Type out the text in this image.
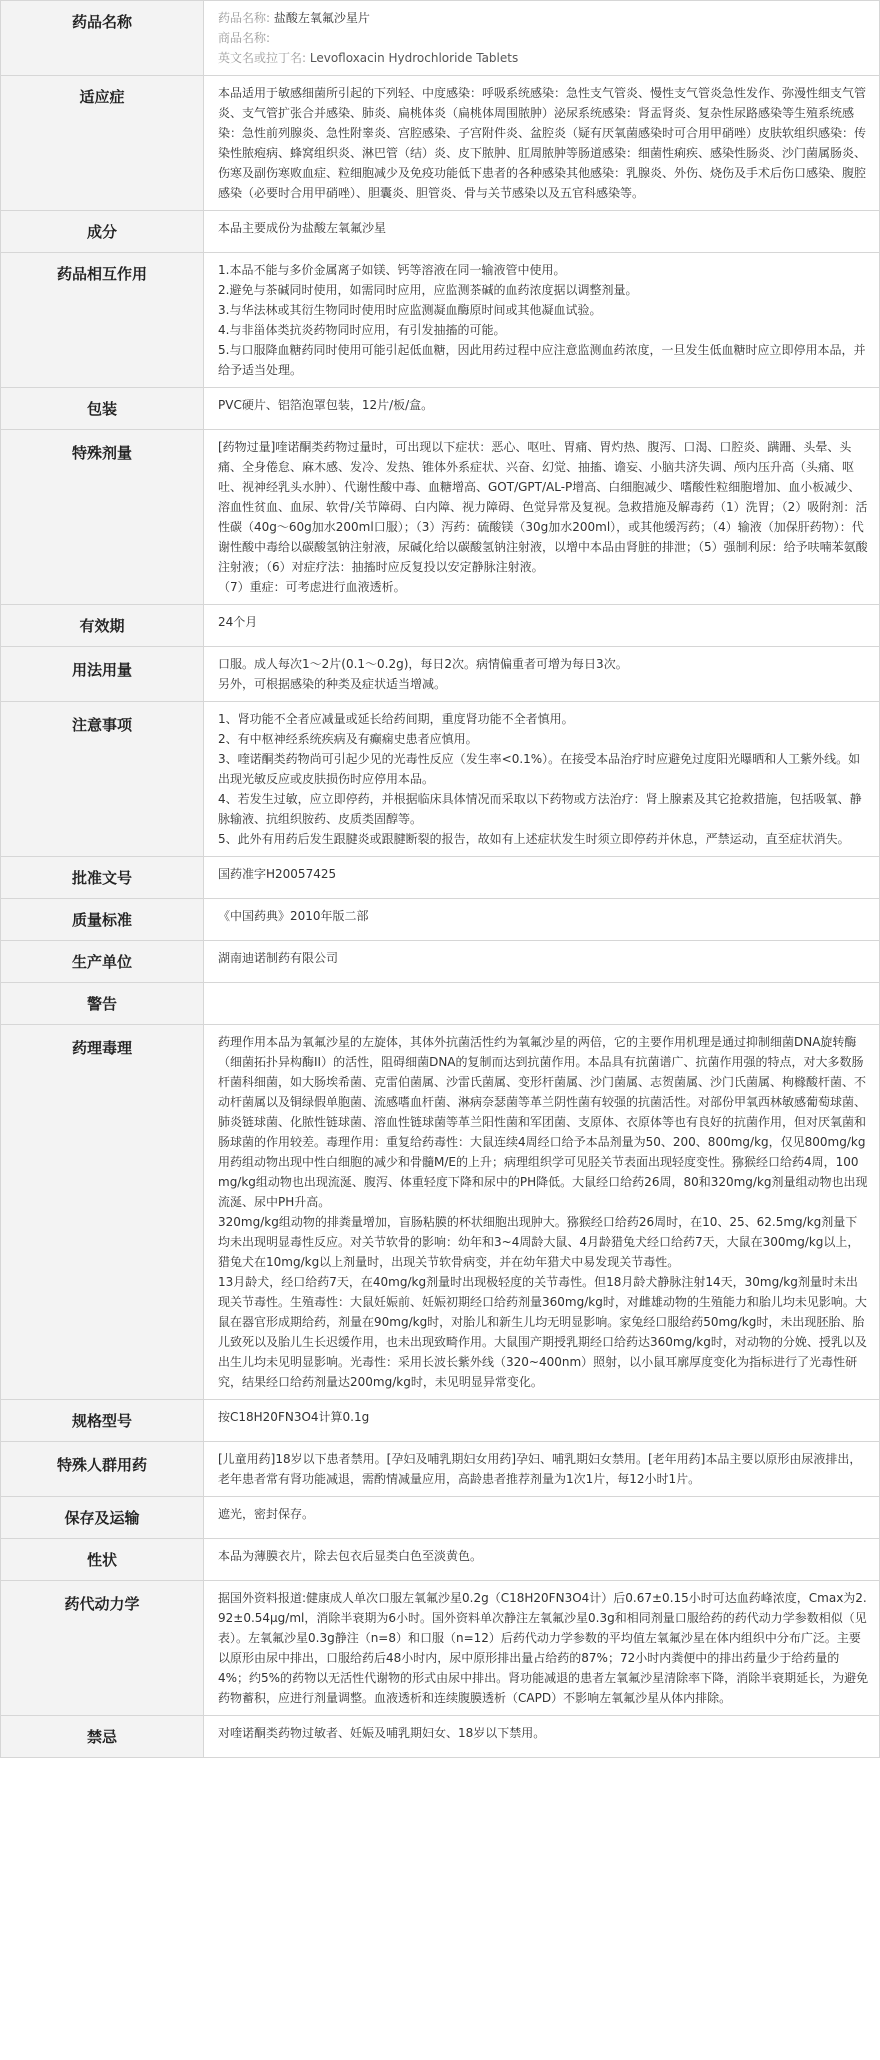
药品名称	药品名称: 盐酸左氧氟沙星片
商品名称:
英文名或拉丁名: Levofloxacin Hydrochloride Tablets

适应症	本品适用于敏感细菌所引起的下列轻、中度感染：呼吸系统感染：急性支气管炎、慢性支气管炎急性发作、弥漫性细支气管炎、支气管扩张合并感染、肺炎、扁桃体炎（扁桃体周围脓肿）泌尿系统感染：肾盂肾炎、复杂性尿路感染等生殖系统感染：急性前列腺炎、急性附睾炎、宫腔感染、子宫附件炎、盆腔炎（疑有厌氧菌感染时可合用甲硝唑）皮肤软组织感染：传染性脓疱病、蜂窝组织炎、淋巴管（结）炎、皮下脓肿、肛周脓肿等肠道感染：细菌性痢疾、感染性肠炎、沙门菌属肠炎、伤寒及副伤寒败血症、粒细胞减少及免疫功能低下患者的各种感染其他感染：乳腺炎、外伤、烧伤及手术后伤口感染、腹腔感染（必要时合用甲硝唑）、胆囊炎、胆管炎、骨与关节感染以及五官科感染等。
成分	本品主要成份为盐酸左氧氟沙星
药品相互作用	1.本品不能与多价金属离子如镁、钙等溶液在同一输液管中使用。
2.避免与茶碱同时使用，如需同时应用，应监测茶碱的血药浓度据以调整剂量。
3.与华法林或其衍生物同时使用时应监测凝血酶原时间或其他凝血试验。
4.与非甾体类抗炎药物同时应用，有引发抽搐的可能。
5.与口服降血糖药同时使用可能引起低血糖，因此用药过程中应注意监测血药浓度，一旦发生低血糖时应立即停用本品，并给予适当处理。

包装	PVC硬片、铝箔泡罩包装，12片/板/盒。
特殊剂量	[药物过量]喹诺酮类药物过量时，可出现以下症状：恶心、呕吐、胃痛、胃灼热、腹泻、口渴、口腔炎、蹒跚、头晕、头痛、全身倦怠、麻木感、发冷、发热、锥体外系症状、兴奋、幻觉、抽搐、谵妄、小脑共济失调、颅内压升高（头痛、呕吐、视神经乳头水肿）、代谢性酸中毒、血糖增高、GOT/GPT/AL-P增高、白细胞减少、嗜酸性粒细胞增加、血小板减少、溶血性贫血、血尿、软骨/关节障碍、白内障、视力障碍、色觉异常及复视。急救措施及解毒药（1）洗胃；（2）吸附剂：活性碳（40g～60g加水200ml口服）；（3）泻药：硫酸镁（30g加水200ml），或其他缓泻药；（4）输液（加保肝药物）：代谢性酸中毒给以碳酸氢钠注射液，尿碱化给以碳酸氢钠注射液，以增中本品由肾脏的排泄；（5）强制利尿：给予呋喃苯氨酸注射液；（6）对症疗法：抽搐时应反复投以安定静脉注射液。
（7）重症：可考虑进行血液透析。

有效期	24个月
用法用量	口服。成人每次1～2片(0.1～0.2g)，每日2次。病情偏重者可增为每日3次。
另外，可根据感染的种类及症状适当增减。

注意事项	1、肾功能不全者应减量或延长给药间期，重度肾功能不全者慎用。
2、有中枢神经系统疾病及有癫痫史患者应慎用。
3、喹诺酮类药物尚可引起少见的光毒性反应（发生率<0.1%）。在接受本品治疗时应避免过度阳光曝晒和人工紫外线。如出现光敏反应或皮肤损伤时应停用本品。
4、若发生过敏，应立即停药，并根据临床具体情况而采取以下药物或方法治疗：肾上腺素及其它抢救措施，包括吸氧、静脉输液、抗组织胺药、皮质类固醇等。
5、此外有用药后发生跟腱炎或跟腱断裂的报告，故如有上述症状发生时须立即停药并休息，严禁运动，直至症状消失。

批准文号	国药准字H20057425
质量标准	《中国药典》2010年版二部
生产单位	湖南迪诺制药有限公司
警告	
药理毒理	药理作用本品为氧氟沙星的左旋体，其体外抗菌活性约为氧氟沙星的两倍，它的主要作用机理是通过抑制细菌DNA旋转酶（细菌拓扑异构酶II）的活性，阻碍细菌DNA的复制而达到抗菌作用。本品具有抗菌谱广、抗菌作用强的特点，对大多数肠杆菌科细菌，如大肠埃希菌、克雷伯菌属、沙雷氏菌属、变形杆菌属、沙门菌属、志贺菌属、沙门氏菌属、枸橼酸杆菌、不动杆菌属以及铜绿假单胞菌、流感嗜血杆菌、淋病奈瑟菌等革兰阴性菌有较强的抗菌活性。对部份甲氧西林敏感葡萄球菌、肺炎链球菌、化脓性链球菌、溶血性链球菌等革兰阳性菌和军团菌、支原体、衣原体等也有良好的抗菌作用，但对厌氧菌和肠球菌的作用较差。毒理作用：重复给药毒性：大鼠连续4周经口给予本品剂量为50、200、800mg/kg，仅见800mg/kg用药组动物出现中性白细胞的减少和骨髓M/E的上升；病理组织学可见胫关节表面出现轻度变性。猕猴经口给药4周，100mg/kg组动物也出现流涎、腹泻、体重轻度下降和尿中的PH降低。大鼠经口给药26周，80和320mg/kg剂量组动物也出现流涎、尿中PH升高。
320mg/kg组动物的排粪量增加，盲肠粘膜的杯状细胞出现肿大。猕猴经口给药26周时，在10、25、62.5mg/kg剂量下均未出现明显毒性反应。对关节软骨的影响：幼年和3~4周龄大鼠、4月龄猎兔犬经口给药7天，大鼠在300mg/kg以上，猎兔犬在10mg/kg以上剂量时，出现关节软骨病变，并在幼年猎犬中易发现关节毒性。
13月龄犬，经口给药7天，在40mg/kg剂量时出现极轻度的关节毒性。但18月龄犬静脉注射14天，30mg/kg剂量时未出现关节毒性。生殖毒性：大鼠妊娠前、妊娠初期经口给药剂量360mg/kg时，对雌雄动物的生殖能力和胎儿均未见影响。大鼠在器官形成期给药，剂量在90mg/kg时，对胎儿和新生儿均无明显影响。家兔经口服给药50mg/kg时，未出现胚胎、胎儿致死以及胎儿生长迟缓作用，也未出现致畸作用。大鼠围产期授乳期经口给药达360mg/kg时，对动物的分娩、授乳以及出生儿均未见明显影响。光毒性：采用长波长紫外线（320~400nm）照射，以小鼠耳廓厚度变化为指标进行了光毒性研究，结果经口给药剂量达200mg/kg时，未见明显异常变化。

规格型号	按C18H20FN3O4计算0.1g
特殊人群用药	[儿童用药]18岁以下患者禁用。[孕妇及哺乳期妇女用药]孕妇、哺乳期妇女禁用。[老年用药]本品主要以原形由尿液排出，老年患者常有肾功能减退，需酌情减量应用，高龄患者推荐剂量为1次1片，每12小时1片。
保存及运输	遮光，密封保存。
性状	本品为薄膜衣片，除去包衣后显类白色至淡黄色。
药代动力学	据国外资料报道:健康成人单次口服左氧氟沙星0.2g（C18H20FN3O4计）后0.67±0.15小时可达血药峰浓度，Cmax为2.92±0.54μg/ml，消除半衰期为6小时。国外资料单次静注左氧氟沙星0.3g和相同剂量口服给药的药代动力学参数相似（见表）。左氧氟沙星0.3g静注（n=8）和口服（n=12）后药代动力学参数的平均值左氧氟沙星在体内组织中分布广泛。主要以原形由尿中排出，口服给药后48小时内，尿中原形排出量占给药的87%；72小时内粪便中的排出药量少于给药量的4%；约5%的药物以无活性代谢物的形式由尿中排出。肾功能减退的患者左氧氟沙星清除率下降，消除半衰期延长，为避免药物蓄积，应进行剂量调整。血液透析和连续腹膜透析（CAPD）不影响左氧氟沙星从体内排除。
禁忌	对喹诺酮类药物过敏者、妊娠及哺乳期妇女、18岁以下禁用。
